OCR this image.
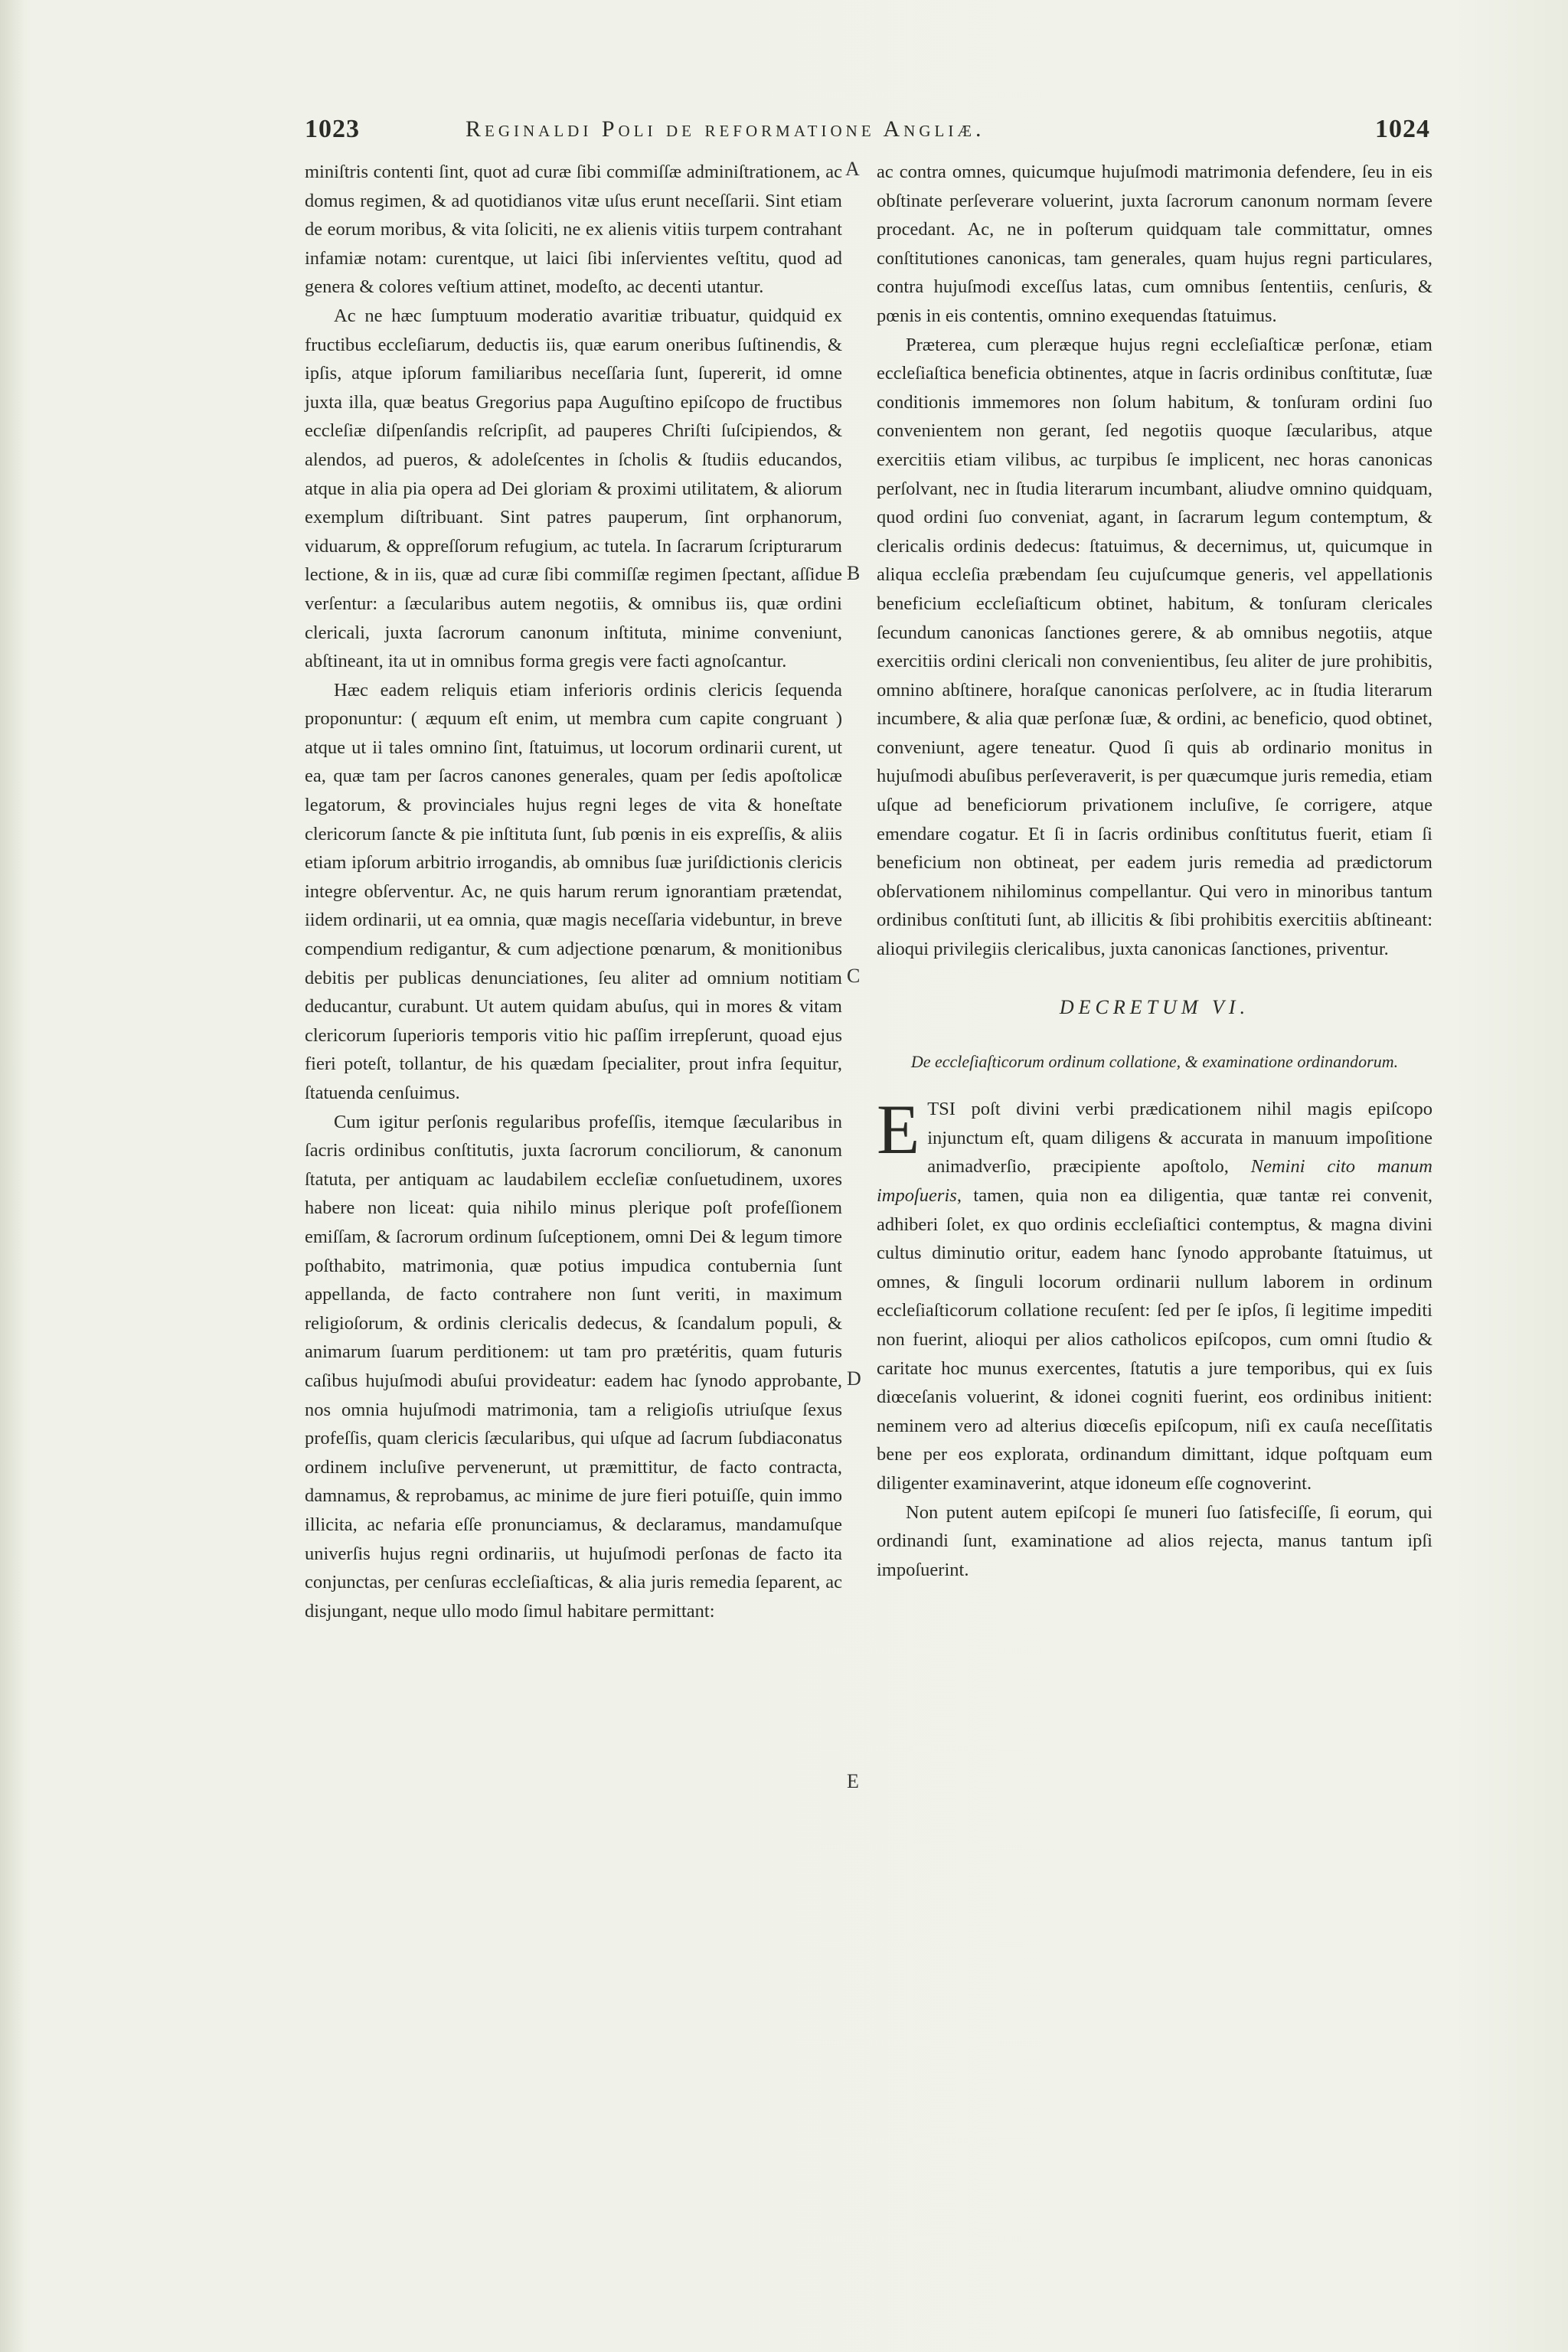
1023	Reginaldi Poli de reformatione Angliæ.	1024
A
B
C
D
E

miniſtris contenti ſint, quot ad curæ ſibi commiſſæ adminiſtrationem, ac domus regimen, & ad quotidianos vitæ uſus erunt neceſſarii. Sint etiam de eorum moribus, & vita ſoliciti, ne ex alienis vitiis turpem contrahant infamiæ notam: curentque, ut laici ſibi inſervientes veſtitu, quod ad genera & colores veſtium attinet, modeſto, ac decenti utantur.

Ac ne hæc ſumptuum moderatio avaritiæ tribuatur, quidquid ex fructibus eccleſiarum, deductis iis, quæ earum oneribus ſuſtinendis, & ipſis, atque ipſorum familiaribus neceſſaria ſunt, ſupererit, id omne juxta illa, quæ beatus Gregorius papa Auguſtino epiſcopo de fructibus eccleſiæ diſpenſandis reſcripſit, ad pauperes Chriſti ſuſcipiendos, & alendos, ad pueros, & adoleſcentes in ſcholis & ſtudiis educandos, atque in alia pia opera ad Dei gloriam & proximi utilitatem, & aliorum exemplum diſtribuant. Sint patres pauperum, ſint orphanorum, viduarum, & oppreſſorum refugium, ac tutela. In ſacrarum ſcripturarum lectione, & in iis, quæ ad curæ ſibi commiſſæ regimen ſpectant, aſſidue verſentur: a ſæcularibus autem negotiis, & omnibus iis, quæ ordini clericali, juxta ſacrorum canonum inſtituta, minime conveniunt, abſtineant, ita ut in omnibus forma gregis vere facti agnoſcantur.

Hæc eadem reliquis etiam inferioris ordinis clericis ſequenda proponuntur: ( æquum eſt enim, ut membra cum capite congruant ) atque ut ii tales omnino ſint, ſtatuimus, ut locorum ordinarii curent, ut ea, quæ tam per ſacros canones generales, quam per ſedis apoſtolicæ legatorum, & provinciales hujus regni leges de vita & honeſtate clericorum ſancte & pie inſtituta ſunt, ſub pœnis in eis expreſſis, & aliis etiam ipſorum arbitrio irrogandis, ab omnibus ſuæ juriſdictionis clericis integre obſerventur. Ac, ne quis harum rerum ignorantiam prætendat, iidem ordinarii, ut ea omnia, quæ magis neceſſaria videbuntur, in breve compendium redigantur, & cum adjectione pœnarum, & monitionibus debitis per publicas denunciationes, ſeu aliter ad omnium notitiam deducantur, curabunt. Ut autem quidam abuſus, qui in mores & vitam clericorum ſuperioris temporis vitio hic paſſim irrepſerunt, quoad ejus fieri poteſt, tollantur, de his quædam ſpecialiter, prout infra ſequitur, ſtatuenda cenſuimus.

Cum igitur perſonis regularibus profeſſis, itemque ſæcularibus in ſacris ordinibus conſtitutis, juxta ſacrorum conciliorum, & canonum ſtatuta, per antiquam ac laudabilem eccleſiæ conſuetudinem, uxores habere non liceat: quia nihilo minus plerique poſt profeſſionem emiſſam, & ſacrorum ordinum ſuſceptionem, omni Dei & legum timore poſthabito, matrimonia, quæ potius impudica contubernia ſunt appellanda, de facto contrahere non ſunt veriti, in maximum religioſorum, & ordinis clericalis dedecus, & ſcandalum populi, & animarum ſuarum perditionem: ut tam pro prætéritis, quam futuris caſibus hujuſmodi abuſui provideatur: eadem hac ſynodo approbante, nos omnia hujuſmodi matrimonia, tam a religioſis utriuſque ſexus profeſſis, quam clericis ſæcularibus, qui uſque ad ſacrum ſubdiaconatus ordinem incluſive pervenerunt, ut præmittitur, de facto contracta, damnamus, & reprobamus, ac minime de jure fieri potuiſſe, quin immo illicita, ac nefaria eſſe pronunciamus, & declaramus, mandamuſque univerſis hujus regni ordinariis, ut hujuſmodi perſonas de facto ita conjunctas, per cenſuras eccleſiaſticas, & alia juris remedia ſeparent, ac disjungant, neque ullo modo ſimul habitare permittant:

ac contra omnes, quicumque hujuſmodi matrimonia defendere, ſeu in eis obſtinate perſeverare voluerint, juxta ſacrorum canonum normam ſevere procedant. Ac, ne in poſterum quidquam tale committatur, omnes conſtitutiones canonicas, tam generales, quam hujus regni particulares, contra hujuſmodi exceſſus latas, cum omnibus ſententiis, cenſuris, & pœnis in eis contentis, omnino exequendas ſtatuimus.

Præterea, cum pleræque hujus regni eccleſiaſticæ perſonæ, etiam eccleſiaſtica beneficia obtinentes, atque in ſacris ordinibus conſtitutæ, ſuæ conditionis immemores non ſolum habitum, & tonſuram ordini ſuo convenientem non gerant, ſed negotiis quoque ſæcularibus, atque exercitiis etiam vilibus, ac turpibus ſe implicent, nec horas canonicas perſolvant, nec in ſtudia literarum incumbant, aliudve omnino quidquam, quod ordini ſuo conveniat, agant, in ſacrarum legum contemptum, & clericalis ordinis dedecus: ſtatuimus, & decernimus, ut, quicumque in aliqua eccleſia præbendam ſeu cujuſcumque generis, vel appellationis beneficium eccleſiaſticum obtinet, habitum, & tonſuram clericales ſecundum canonicas ſanctiones gerere, & ab omnibus negotiis, atque exercitiis ordini clericali non convenientibus, ſeu aliter de jure prohibitis, omnino abſtinere, horaſque canonicas perſolvere, ac in ſtudia literarum incumbere, & alia quæ perſonæ ſuæ, & ordini, ac beneficio, quod obtinet, conveniunt, agere teneatur. Quod ſi quis ab ordinario monitus in hujuſmodi abuſibus perſeveraverit, is per quæcumque juris remedia, etiam uſque ad beneficiorum privationem incluſive, ſe corrigere, atque emendare cogatur. Et ſi in ſacris ordinibus conſtitutus fuerit, etiam ſi beneficium non obtineat, per eadem juris remedia ad prædictorum obſervationem nihilominus compellantur. Qui vero in minoribus tantum ordinibus conſtituti ſunt, ab illicitis & ſibi prohibitis exercitiis abſtineant: alioqui privilegiis clericalibus, juxta canonicas ſanctiones, priventur.

DECRETUM VI.
De eccleſiaſticorum ordinum collatione, & examinatione ordinandorum.

ETSI poſt divini verbi prædicationem nihil magis epiſcopo injunctum eſt, quam diligens & accurata in manuum impoſitione animadverſio, præcipiente apoſtolo, Nemini cito manum impoſueris, tamen, quia non ea diligentia, quæ tantæ rei convenit, adhiberi ſolet, ex quo ordinis eccleſiaſtici contemptus, & magna divini cultus diminutio oritur, eadem hanc ſynodo approbante ſtatuimus, ut omnes, & ſinguli locorum ordinarii nullum laborem in ordinum eccleſiaſticorum collatione recuſent: ſed per ſe ipſos, ſi legitime impediti non fuerint, alioqui per alios catholicos epiſcopos, cum omni ſtudio & caritate hoc munus exercentes, ſtatutis a jure temporibus, qui ex ſuis diœceſanis voluerint, & idonei cogniti fuerint, eos ordinibus initient: neminem vero ad alterius diœceſis epiſcopum, niſi ex cauſa neceſſitatis bene per eos explorata, ordinandum dimittant, idque poſtquam eum diligenter examinaverint, atque idoneum eſſe cognoverint.

Non putent autem epiſcopi ſe muneri ſuo ſatisfeciſſe, ſi eorum, qui ordinandi ſunt, examinatione ad alios rejecta, manus tantum ipſi impoſuerint.
